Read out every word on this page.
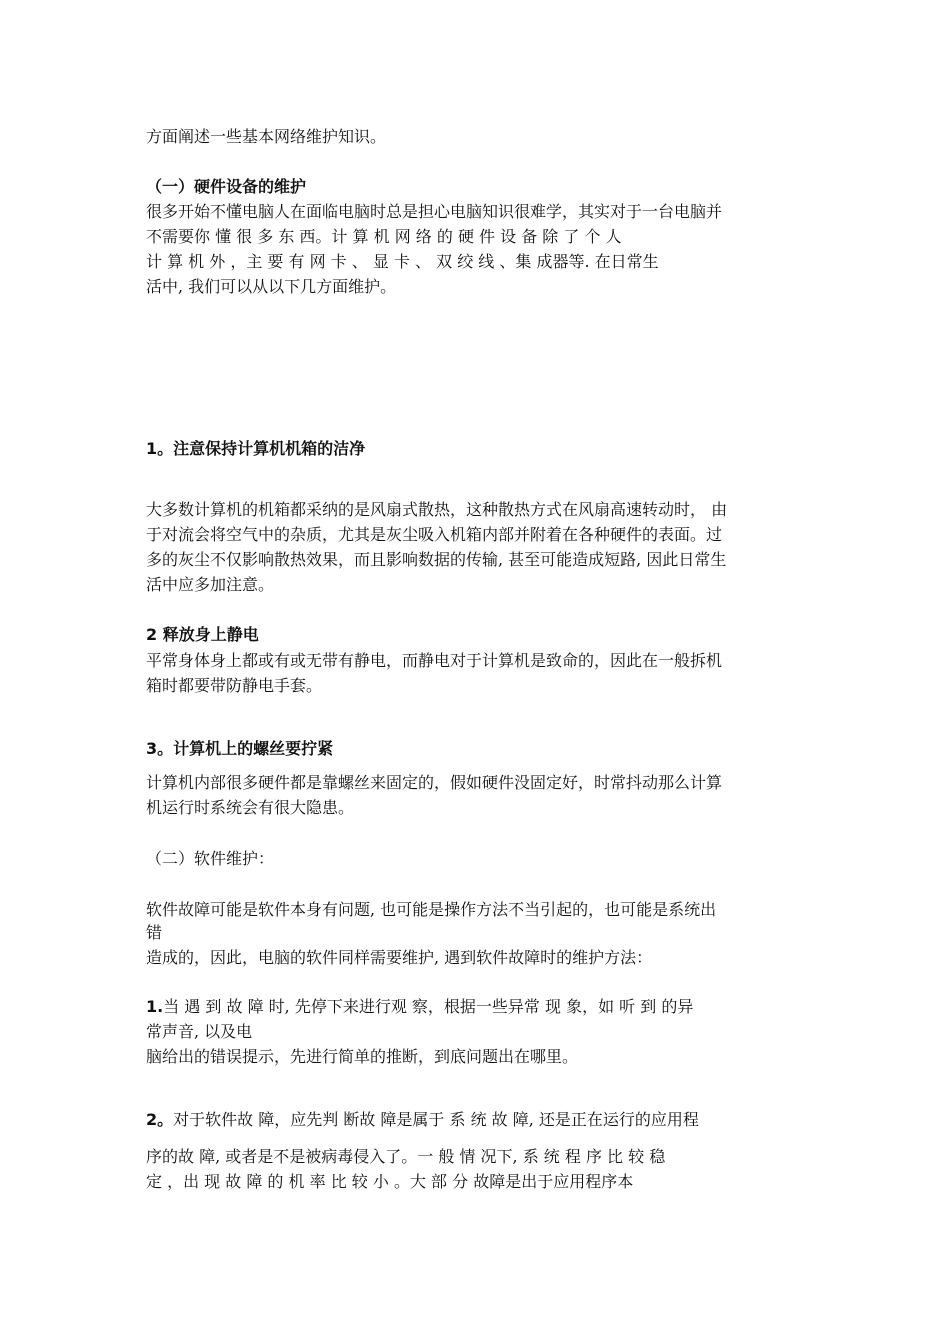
方面阐述一些基本网络维护知识。
（一）硬件设备的维护
很多开始不懂电脑人在面临电脑时总是担心电脑知识很难学，其实对于一台电脑并
不需要你 懂 很 多 东 西。计 算 机 网 络 的 硬 件 设 备 除 了 个 人
计 算 机 外 ，主 要 有 网 卡 、 显 卡 、 双 绞 线 、集 成器等. 在日常生
活中, 我们可以从以下几方面维护。
1。注意保持计算机机箱的洁净
大多数计算机的机箱都采纳的是风扇式散热，这种散热方式在风扇高速转动时， 由
于对流会将空气中的杂质，尤其是灰尘吸入机箱内部并附着在各种硬件的表面。过
多的灰尘不仅影响散热效果，而且影响数据的传输, 甚至可能造成短路, 因此日常生
活中应多加注意。
2 释放身上静电
平常身体身上都或有或无带有静电，而静电对于计算机是致命的，因此在一般拆机
箱时都要带防静电手套。
3。计算机上的螺丝要拧紧
计算机内部很多硬件都是靠螺丝来固定的，假如硬件没固定好，时常抖动那么计算
机运行时系统会有很大隐患。
（二）软件维护：
软件故障可能是软件本身有问题, 也可能是操作方法不当引起的，也可能是系统出
错
造成的，因此，电脑的软件同样需要维护, 遇到软件故障时的维护方法：
1.当 遇 到 故 障 时, 先停下来进行观 察，根据一些异常 现 象，如 听 到 的异
常声音, 以及电
脑给出的错误提示，先进行简单的推断，到底问题出在哪里。
2。对于软件故 障，应先判 断故 障是属于 系 统 故 障, 还是正在运行的应用程
序的故 障, 或者是不是被病毒侵入了。一 般 情 况下, 系 统 程 序 比 较 稳
定 ，出 现 故 障 的 机 率 比 较 小 。大 部 分 故障是出于应用程序本
